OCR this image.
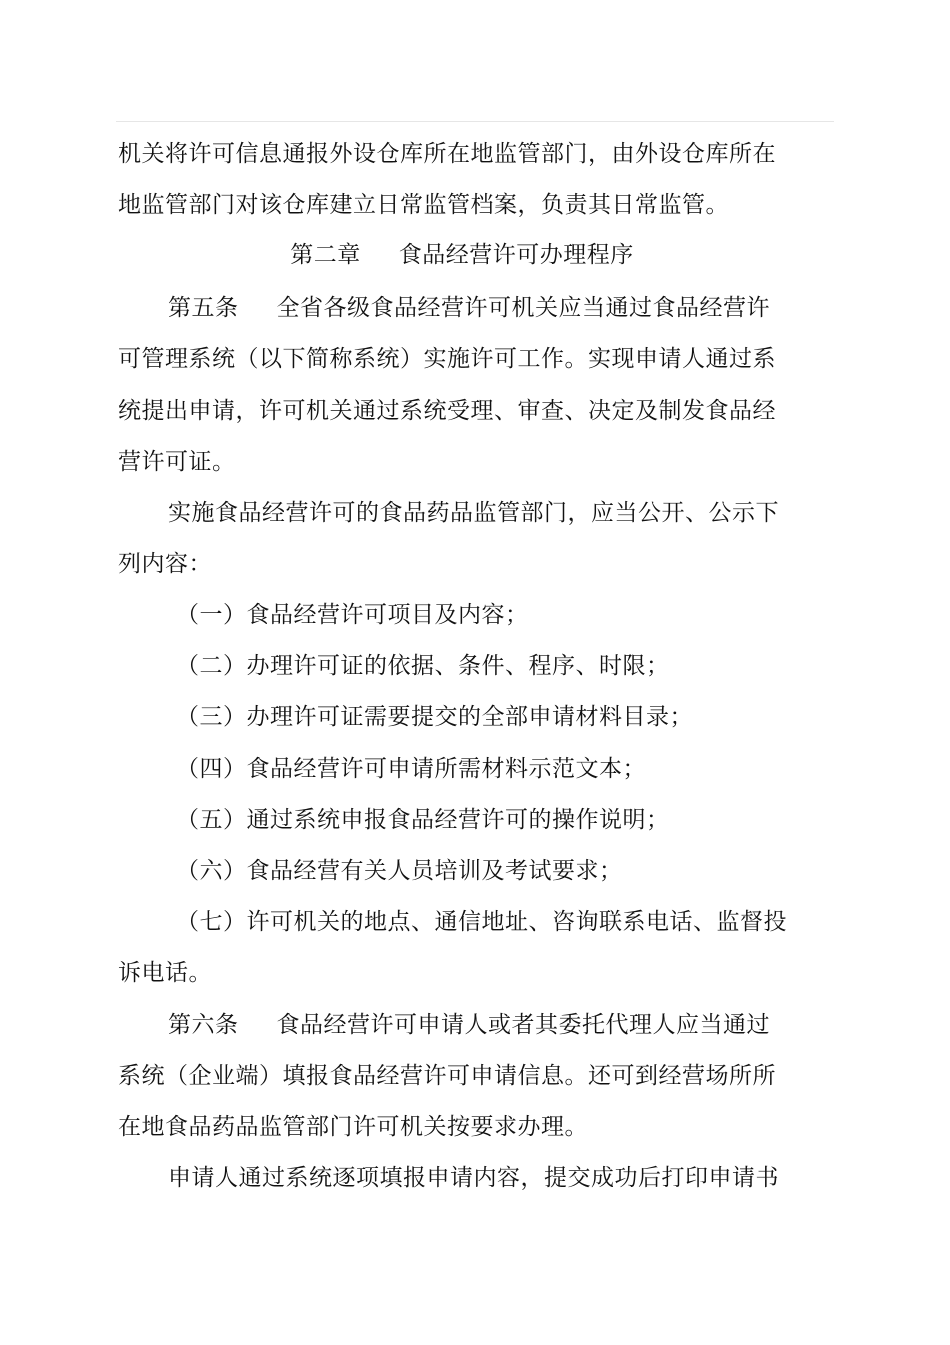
机关将许可信息通报外设仓库所在地监管部门，由外设仓库所在
地监管部门对该仓库建立日常监管档案，负责其日常监管。
第二章 食品经营许可办理程序
第五条 全省各级食品经营许可机关应当通过食品经营许
可管理系统（以下简称系统）实施许可工作。实现申请人通过系
统提出申请，许可机关通过系统受理、审查、决定及制发食品经
营许可证。
实施食品经营许可的食品药品监管部门，应当公开、公示下
列内容：
（一）食品经营许可项目及内容；
（二）办理许可证的依据、条件、程序、时限；
（三）办理许可证需要提交的全部申请材料目录；
（四）食品经营许可申请所需材料示范文本；
（五）通过系统申报食品经营许可的操作说明；
（六）食品经营有关人员培训及考试要求；
（七）许可机关的地点、通信地址、咨询联系电话、监督投
诉电话。
第六条 食品经营许可申请人或者其委托代理人应当通过
系统（企业端）填报食品经营许可申请信息。还可到经营场所所
在地食品药品监管部门许可机关按要求办理。
申请人通过系统逐项填报申请内容，提交成功后打印申请书
